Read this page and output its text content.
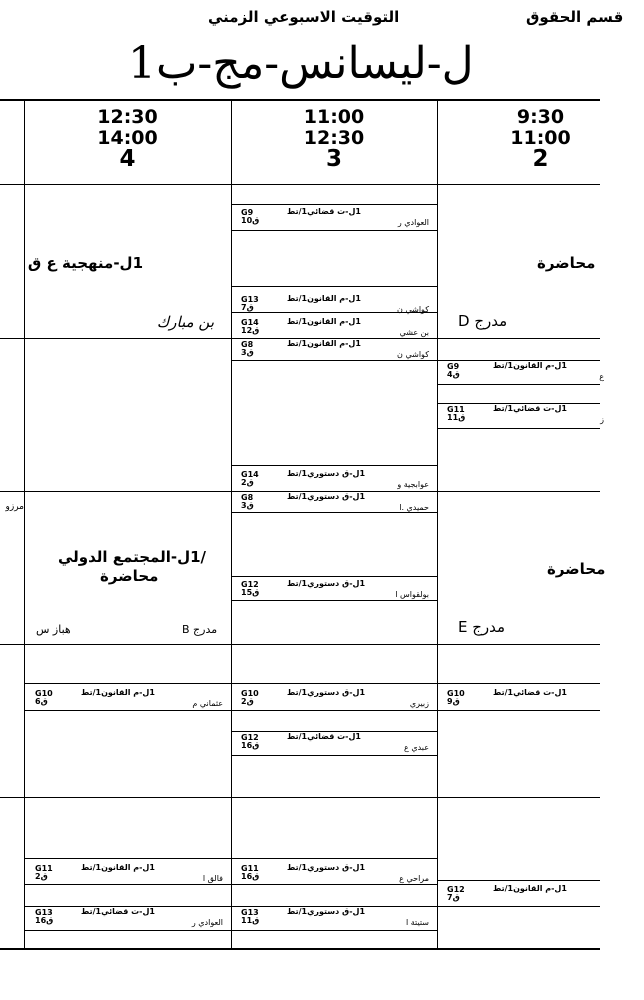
قسم الحقوق
التوقيت الاسبوعي الزمني
1ل-ليسانس-مج-ب
12:30
14:00
4
11:00
12:30
3
9:30
11:00
2
1ل-منهجية ع ق
بن مبارك
محاضرة
مدرج D
/1ل-المجتمع الدولي
محاضرة
مدرج B
هباز س
محاضرة
مدرج E
مرزو
G9
ق10
1ل-ت قضائي1/تط
العوادي ر
G13
ق7
1ل-م القانون1/تط
كواشي ن
G14
ق12
1ل-م القانون1/تط
بن عشي
G8
ق3
1ل-م القانون1/تط
كواشي ن
G14
ق2
1ل-ق دستوري1/تط
عوابجية و
G8
ق3
1ل-ق دستوري1/تط
حميدي .ا
G12
ق15
1ل-ق دستوري1/تط
بولقواس ا
G10
ق2
1ل-ق دستوري1/تط
زبيري
G12
ق16
1ل-ت قضائي1/تط
عبدي ع
G11
ق16
1ل-ق دستوري1/تط
مراحي ع
G13
ق11
1ل-ق دستوري1/تط
ستيتة ا
G10
ق6
1ل-م القانون1/تط
عثماني م
G11
ق2
1ل-م القانون1/تط
فالق ا
G13
ق16
1ل-ت قضائي1/تط
العوادي ر
G9
ق4
1ل-م القانون1/تط
ع
G11
ق11
1ل-ت قضائي1/تط
ز
G10
ق9
1ل-ت قضائي1/تط
G12
ق7
1ل-م القانون1/تط
